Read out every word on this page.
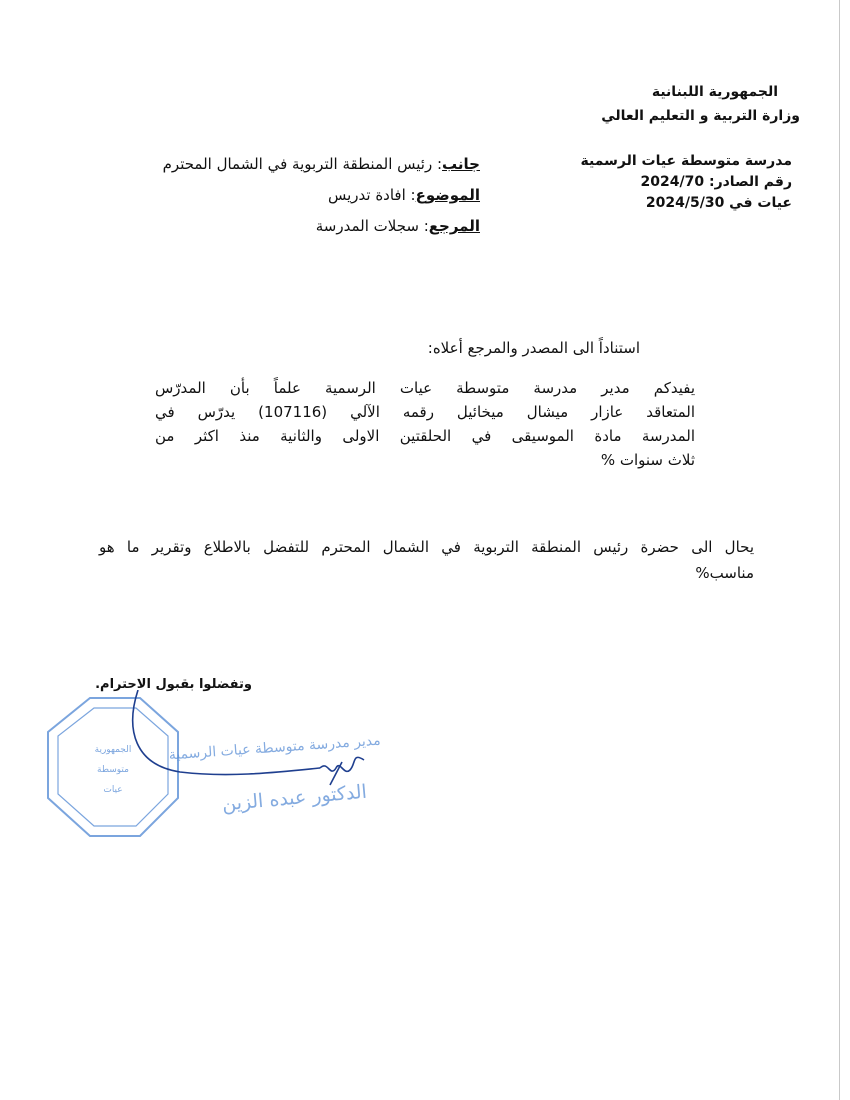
الجمهورية اللبنانية
وزارة التربية و التعليم العالي
مدرسة متوسطة عيات الرسمية
رقم الصادر: 2024/70
عيات في 2024/5/30
جانب: رئيس المنطقة التربوية في الشمال المحترم
الموضوع: افادة تدريس
المرجع: سجلات المدرسة
استناداً الى المصدر والمرجع أعلاه:
يفيدكم مدير مدرسة متوسطة عيات الرسمية علماً بأن المدرّس
المتعاقد عازار ميشال ميخائيل رقمه الآلي (107116) يدرّس في
المدرسة مادة الموسيقى في الحلقتين الاولى والثانية منذ اكثر من
ثلاث سنوات %
يحال الى حضرة رئيس المنطقة التربوية في الشمال المحترم للتفضل بالاطلاع وتقرير ما هو
مناسب%
وتفضلوا بقبول الاحترام.
الجمهورية
متوسطة
عيات
مدير مدرسة متوسطة عيات الرسمية
الدكتور عبده الزين
